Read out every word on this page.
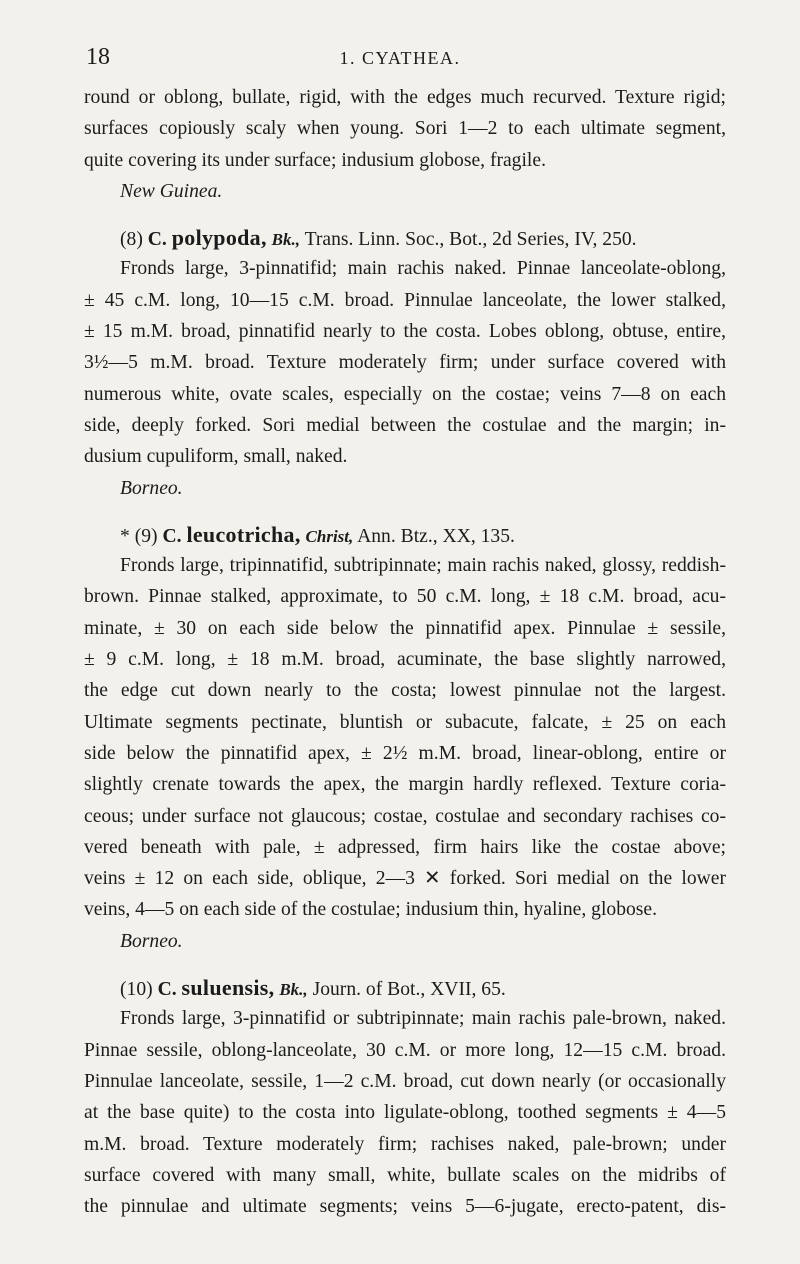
18	1. CYATHEA.
round or oblong, bullate, rigid, with the edges much recurved. Texture rigid;
surfaces copiously scaly when young. Sori 1—2 to each ultimate segment,
quite covering its under surface; indusium globose, fragile.
New Guinea.
(8) C. polypoda, Bk., Trans. Linn. Soc., Bot., 2d Series, IV, 250.
Fronds large, 3-pinnatifid; main rachis naked. Pinnae lanceolate-oblong,
± 45 c.M. long, 10—15 c.M. broad. Pinnulae lanceolate, the lower stalked,
± 15 m.M. broad, pinnatifid nearly to the costa. Lobes oblong, obtuse, entire,
3½—5 m.M. broad. Texture moderately firm; under surface covered with
numerous white, ovate scales, especially on the costae; veins 7—8 on each
side, deeply forked. Sori medial between the costulae and the margin; in-
dusium cupuliform, small, naked.
Borneo.
* (9) C. leucotricha, Christ, Ann. Btz., XX, 135.
Fronds large, tripinnatifid, subtripinnate; main rachis naked, glossy, reddish-
brown. Pinnae stalked, approximate, to 50 c.M. long, ± 18 c.M. broad, acu-
minate, ± 30 on each side below the pinnatifid apex. Pinnulae ± sessile,
± 9 c.M. long, ± 18 m.M. broad, acuminate, the base slightly narrowed,
the edge cut down nearly to the costa; lowest pinnulae not the largest.
Ultimate segments pectinate, bluntish or subacute, falcate, ± 25 on each
side below the pinnatifid apex, ± 2½ m.M. broad, linear-oblong, entire or
slightly crenate towards the apex, the margin hardly reflexed. Texture coria-
ceous; under surface not glaucous; costae, costulae and secondary rachises co-
vered beneath with pale, ± adpressed, firm hairs like the costae above;
veins ± 12 on each side, oblique, 2—3 ✕ forked. Sori medial on the lower
veins, 4—5 on each side of the costulae; indusium thin, hyaline, globose.
Borneo.
(10) C. suluensis, Bk., Journ. of Bot., XVII, 65.
Fronds large, 3-pinnatifid or subtripinnate; main rachis pale-brown, naked.
Pinnae sessile, oblong-lanceolate, 30 c.M. or more long, 12—15 c.M. broad.
Pinnulae lanceolate, sessile, 1—2 c.M. broad, cut down nearly (or occasionally
at the base quite) to the costa into ligulate-oblong, toothed segments ± 4—5
m.M. broad. Texture moderately firm; rachises naked, pale-brown; under
surface covered with many small, white, bullate scales on the midribs of
the pinnulae and ultimate segments; veins 5—6-jugate, erecto-patent, dis-
